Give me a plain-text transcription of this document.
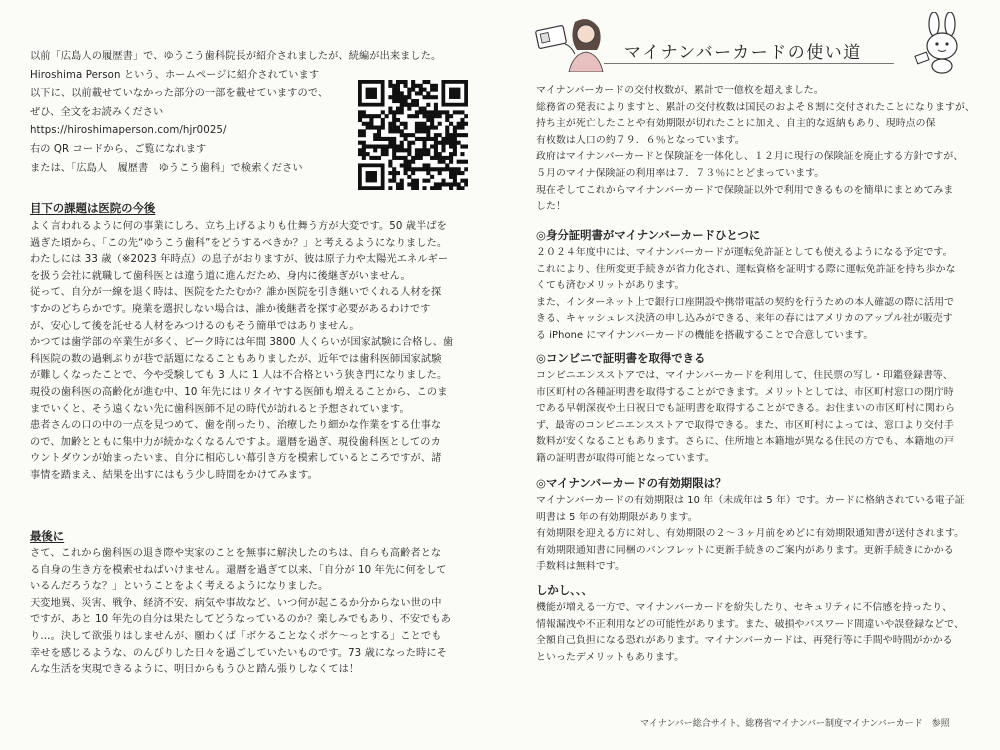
以前「広島人の履歴書」で、ゆうこう歯科院長が紹介されましたが、続編が出来ました。

Hiroshima Person という、ホームページに紹介されています

以下に、以前載せていなかった部分の一部を載せていますので、

ぜひ、全文をお読みください

https://hiroshimaperson.com/hjr0025/

右の QR コードから、ご覧になれます

または、「広島人　履歴書　ゆうこう歯科」で検索ください

目下の課題は医院の今後

よく言われるように何の事業にしろ、立ち上げるよりも仕舞う方が大変です。50 歳半ばを

過ぎた頃から、「この先“ゆうこう歯科”をどうするべきか？」と考えるようになりました。

わたしには 33 歳（※2023 年時点）の息子がおりますが、彼は原子力や太陽光エネルギー

を扱う会社に就職して歯科医とは違う道に進んだため、身内に後継ぎがいません。

従って、自分が一線を退く時は、医院をたたむか？誰か医院を引き継いでくれる人材を探

すかのどちらかです。廃業を選択しない場合は、誰か後継者を探す必要があるわけです

が、安心して後を託せる人材をみつけるのもそう簡単ではありません。

かつては歯学部の卒業生が多く、ピーク時には年間 3800 人くらいが国家試験に合格し、歯

科医院の数の過剰ぶりが巷で話題になることもありましたが、近年では歯科医師国家試験

が難しくなったことで、今や受験しても 3 人に 1 人は不合格という狭き門になりました。

現役の歯科医の高齢化が進む中、10 年先にはリタイヤする医師も増えることから、このま

までいくと、そう遠くない先に歯科医師不足の時代が訪れると予想されています。

患者さんの口の中の一点を見つめて、歯を削ったり、治療したり細かな作業をする仕事な

ので、加齢とともに集中力が続かなくなるんですよ。還暦を過ぎ、現役歯科医としてのカ

ウントダウンが始まったいま、自分に相応しい幕引き方を模索しているところですが、諸

事情を踏まえ、結果を出すにはもう少し時間をかけてみます。

最後に

さて、これから歯科医の退き際や実家のことを無事に解決したのちは、自らも高齢者とな

る自身の生き方を模索せねばいけません。還暦を過ぎて以来、「自分が 10 年先に何をして

いるんだろうな？」ということをよく考えるようになりました。

天変地異、災害、戦争、経済不安、病気や事故など、いつ何が起こるか分からない世の中

ですが、あと 10 年先の自分は果たしてどうなっているのか？楽しみでもあり、不安でもあ

り…。決して欲張りはしませんが、願わくば「ボケることなくポケ～っとする」ことでも

幸せを感じるような、のんびりした日々を過ごしていたいものです。73 歳になった時にそ

んな生活を実現できるように、明日からもうひと踏ん張りしなくては！

マイナンバーカードの使い道

マイナンバーカードの交付枚数が、累計で一億枚を超えました。

総務省の発表によりますと、累計の交付枚数は国民のおよそ８割に交付されたことになりますが、持ち主が死亡したことや有効期限が切れたことに加え、自主的な返納もあり、現時点の保

有枚数は人口の約７９．６％となっています。

政府はマイナンバーカードと保険証を一体化し、１２月に現行の保険証を廃止する方針ですが、

５月のマイナ保険証の利用率は７．７３％にとどまっています。

現在そしてこれからマイナンバーカードで保険証以外で利用できるものを簡単にまとめてみま

した！

◎身分証明書がマイナンバーカードひとつに

２０２４年度中には、マイナンバーカードが運転免許証としても使えるようになる予定です。

これにより、住所変更手続きが省力化され、運転資格を証明する際に運転免許証を持ち歩かな

くても済むメリットがあります。

また、インターネット上で銀行口座開設や携帯電話の契約を行うための本人確認の際に活用で

きる、キャッシュレス決済の申し込みができる、来年の春にはアメリカのアップル社が販売す

る iPhone にマイナンバーカードの機能を搭載することで合意しています。

◎コンビニで証明書を取得できる

コンビニエンスストアでは、マイナンバーカードを利用して、住民票の写し・印鑑登録書等、

市区町村の各種証明書を取得することができます。メリットとしては、市区町村窓口の閉庁時

である早朝深夜や土日祝日でも証明書を取得することができる。お住まいの市区町村に関わら

ず、最寄のコンビニエンスストアで取得できる。また、市区町村によっては、窓口より交付手

数料が安くなることもあります。さらに、住所地と本籍地が異なる住民の方でも、本籍地の戸

籍の証明書が取得可能となっています。

◎マイナンバーカードの有効期限は？

マイナンバーカードの有効期限は 10 年（未成年は 5 年）です。カードに格納されている電子証

明書は 5 年の有効期限があります。

有効期限を迎える方に対し、有効期限の２～３ヶ月前をめどに有効期限通知書が送付されます。

有効期限通知書に同梱のパンフレットに更新手続きのご案内があります。更新手続きにかかる

手数料は無料です。

しかし、、、

機能が増える一方で、マイナンバーカードを紛失したり、セキュリティに不信感を持ったり、

情報漏洩や不正利用などの可能性があります。また、破損やパスワード間違いや誤登録などで、

全額自己負担になる恐れがあります。マイナンバーカードは、再発行等に手間や時間がかかる

といったデメリットもあります。

マイナンバー総合サイト、総務省マイナンバー制度マイナンバーカード　参照
